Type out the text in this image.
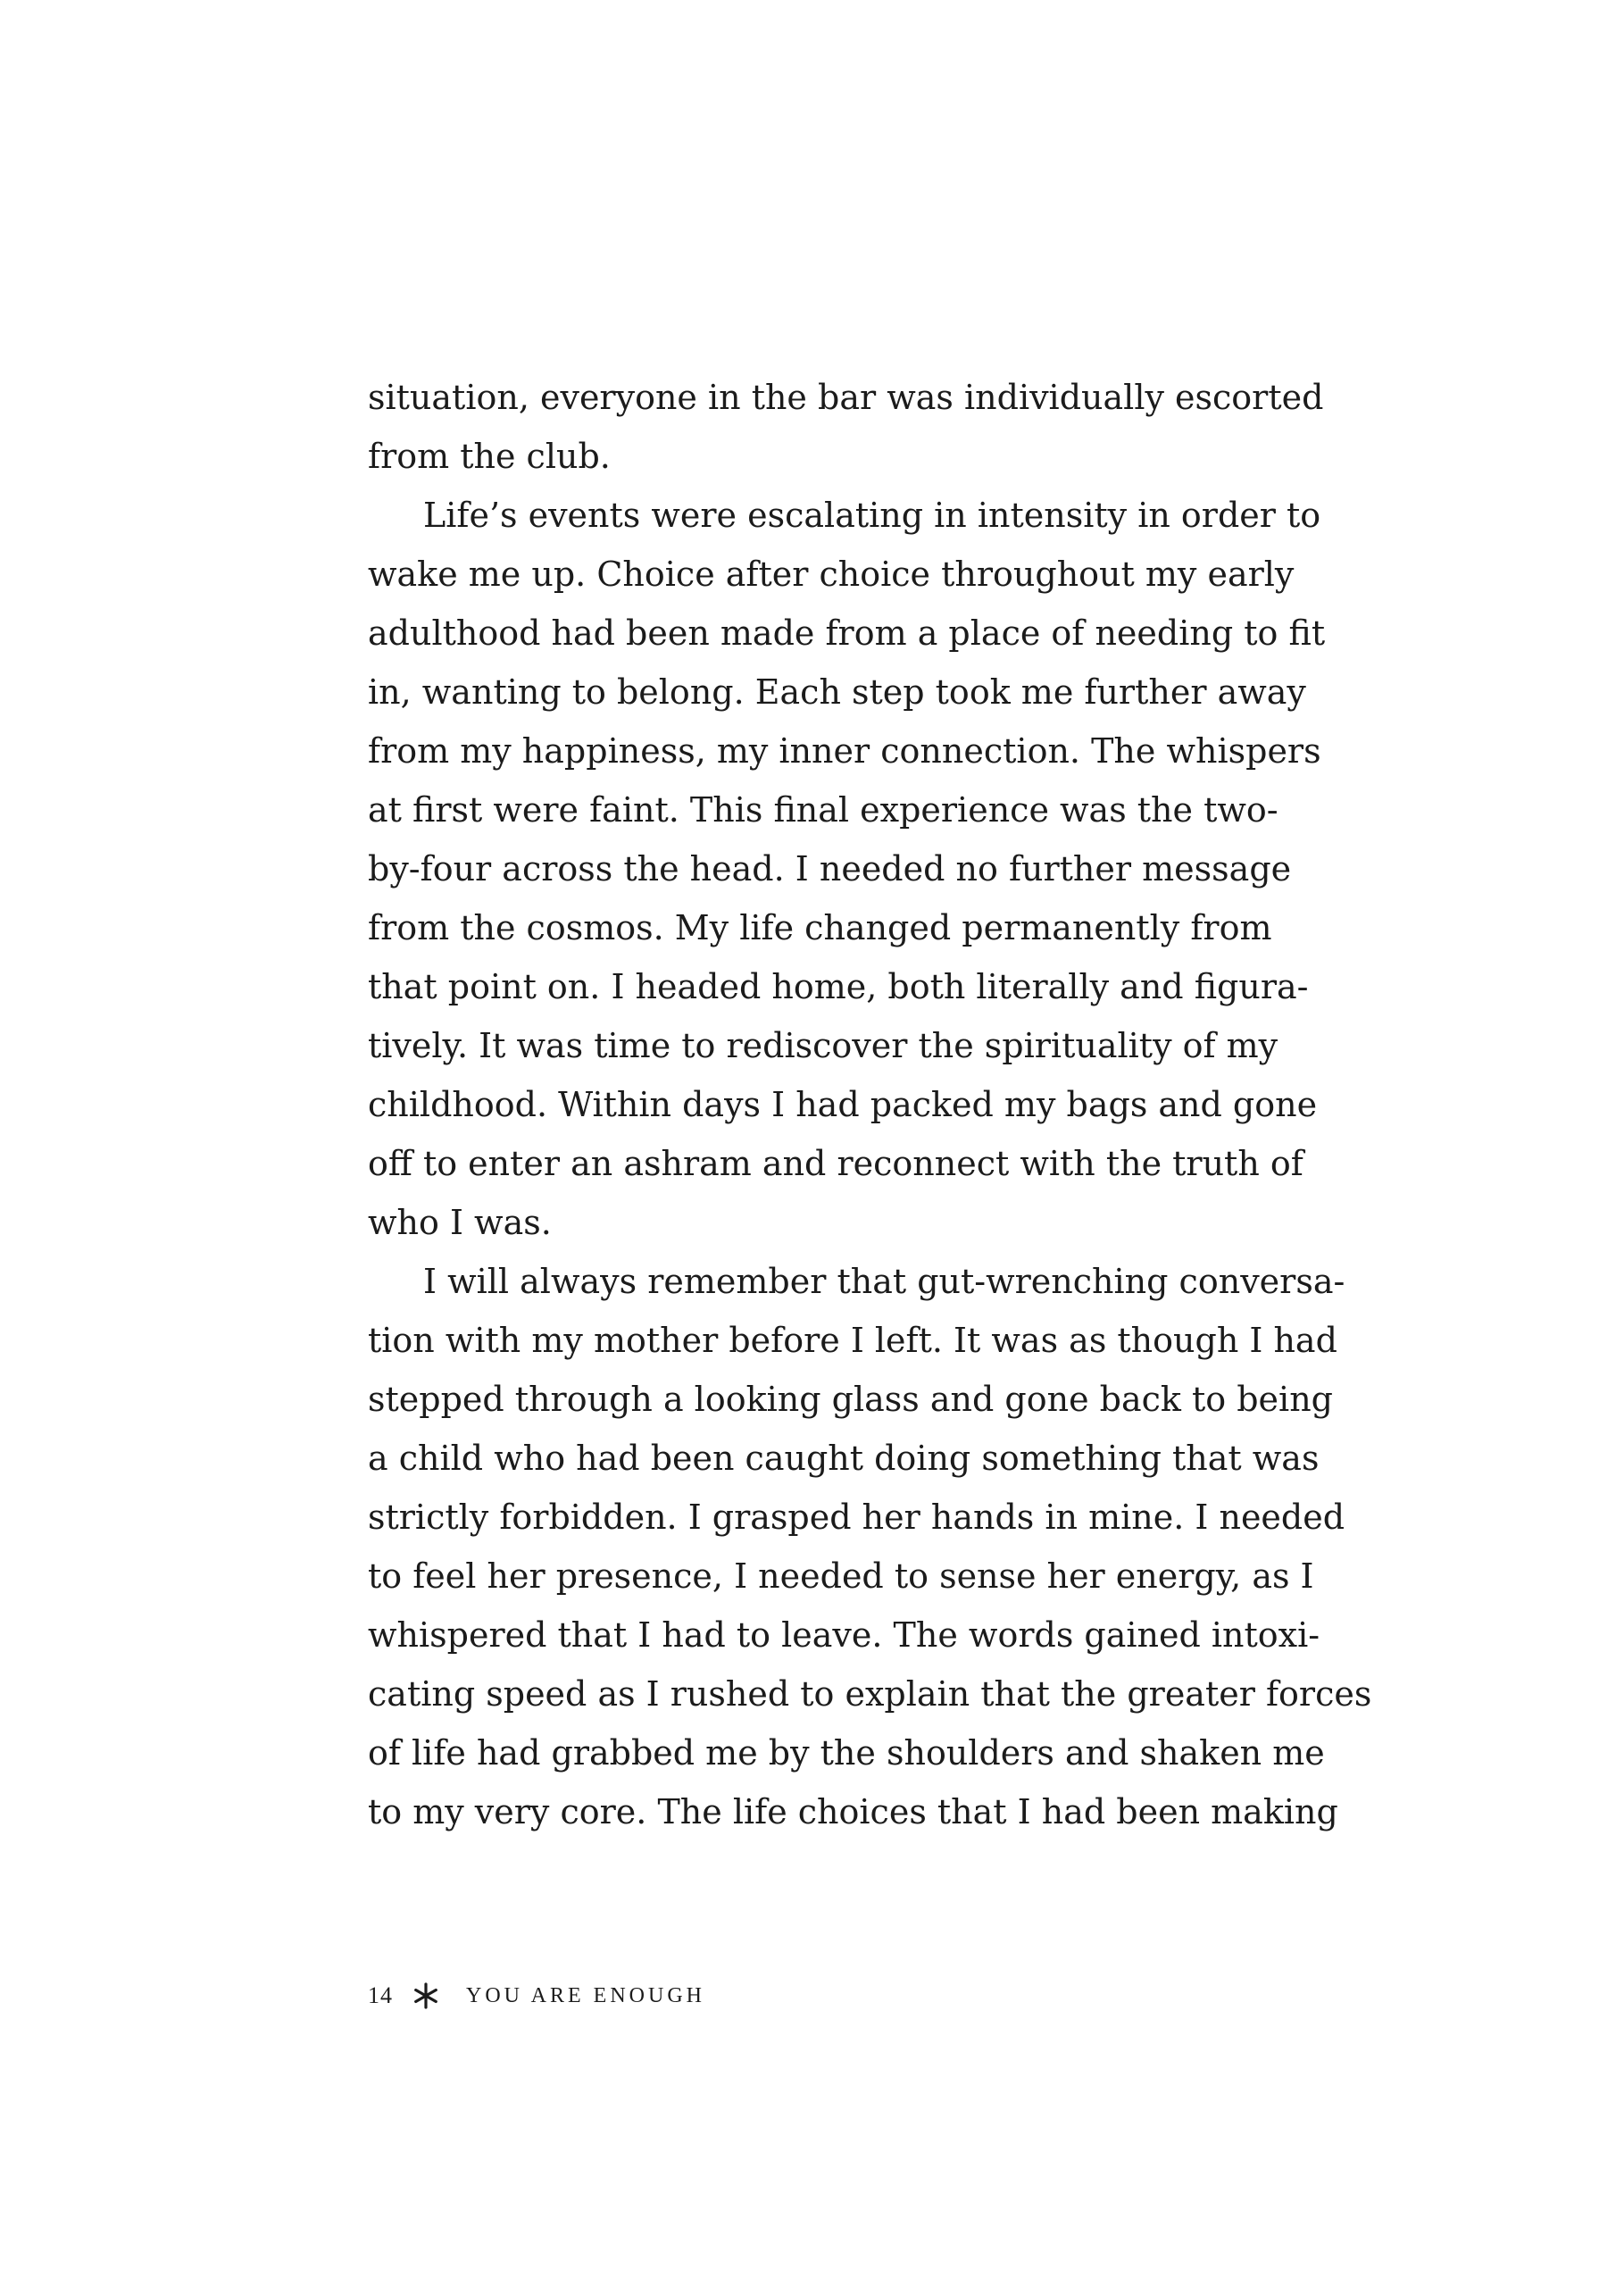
situation, everyone in the bar was individually escorted
from the club.
Life’s events were escalating in intensity in order to
wake me up. Choice after choice throughout my early
adulthood had been made from a place of needing to fit
in, wanting to belong. Each step took me further away
from my happiness, my inner connection. The whispers
at first were faint. This final experience was the two-
by-four across the head. I needed no further message
from the cosmos. My life changed permanently from
that point on. I headed home, both literally and figura-
tively. It was time to rediscover the spirituality of my
childhood. Within days I had packed my bags and gone
off to enter an ashram and reconnect with the truth of
who I was.
I will always remember that gut-wrenching conversa-
tion with my mother before I left. It was as though I had
stepped through a looking glass and gone back to being
a child who had been caught doing something that was
strictly forbidden. I grasped her hands in mine. I needed
to feel her presence, I needed to sense her energy, as I
whispered that I had to leave. The words gained intoxi-
cating speed as I rushed to explain that the greater forces
of life had grabbed me by the shoulders and shaken me
to my very core. The life choices that I had been making
14	YOU ARE ENOUGH
